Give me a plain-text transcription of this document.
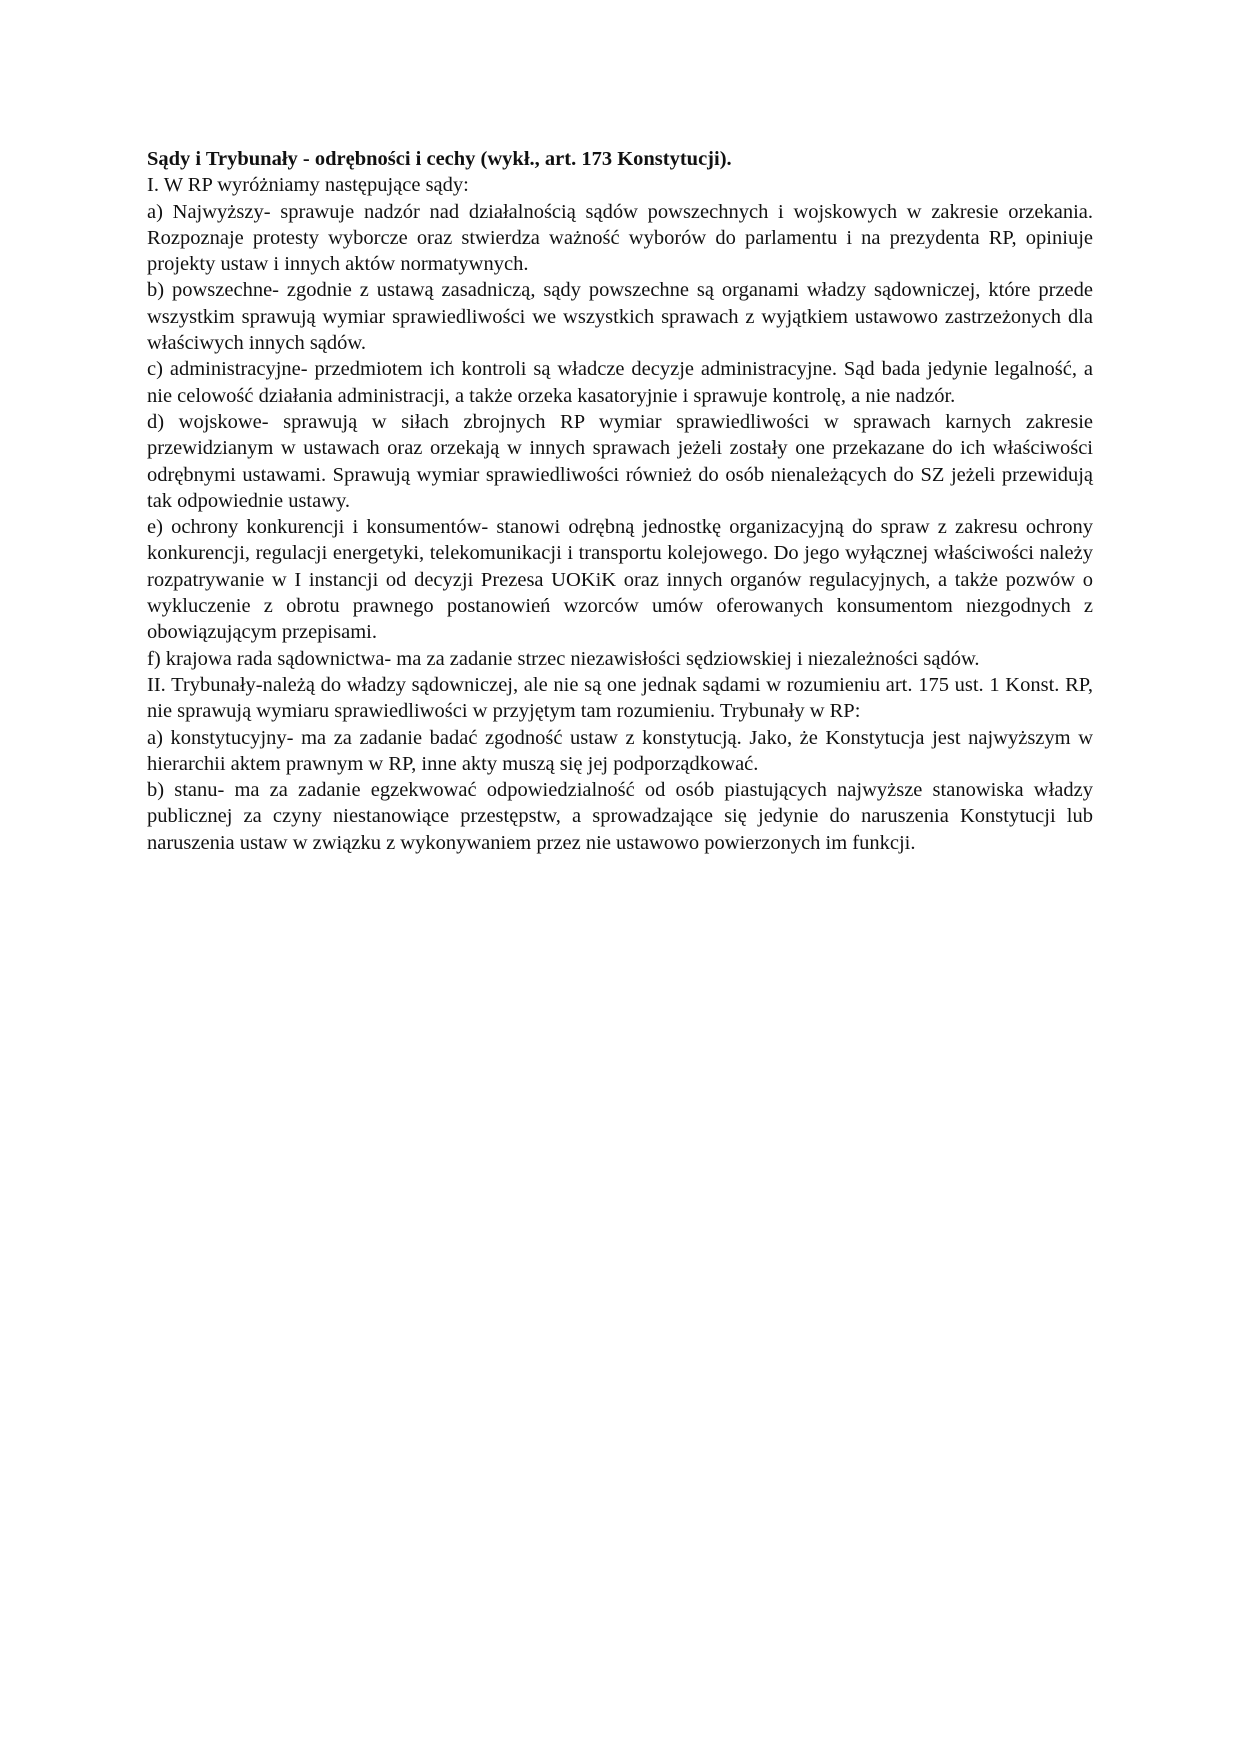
Sądy i Trybunały - odrębności i cechy (wykł., art. 173 Konstytucji).

I. W RP wyróżniamy następujące sądy:

a) Najwyższy- sprawuje nadzór nad działalnością sądów powszechnych i wojskowych w zakresie orzekania. Rozpoznaje protesty wyborcze oraz stwierdza ważność wyborów do parlamentu i na prezydenta RP, opiniuje projekty ustaw i innych aktów normatywnych.

b) powszechne- zgodnie z ustawą zasadniczą, sądy powszechne są organami władzy sądowniczej, które przede wszystkim sprawują wymiar sprawiedliwości we wszystkich sprawach z wyjątkiem ustawowo zastrzeżonych dla właściwych innych sądów.

c) administracyjne- przedmiotem ich kontroli są władcze decyzje administracyjne. Sąd bada jedynie legalność, a nie celowość działania administracji, a także orzeka kasatoryjnie i sprawuje kontrolę, a nie nadzór.

d) wojskowe- sprawują w siłach zbrojnych RP wymiar sprawiedliwości w sprawach karnych zakresie przewidzianym w ustawach oraz orzekają w innych sprawach jeżeli zostały one przekazane do ich właściwości odrębnymi ustawami. Sprawują wymiar sprawiedliwości również do osób nienależących do SZ jeżeli przewidują tak odpowiednie ustawy.

e) ochrony konkurencji i konsumentów- stanowi odrębną jednostkę organizacyjną do spraw z zakresu ochrony konkurencji, regulacji energetyki, telekomunikacji i transportu kolejowego. Do jego wyłącznej właściwości należy rozpatrywanie w I instancji od decyzji Prezesa UOKiK oraz innych organów regulacyjnych, a także pozwów o wykluczenie z obrotu prawnego postanowień wzorców umów oferowanych konsumentom niezgodnych z obowiązującym przepisami.

f) krajowa rada sądownictwa- ma za zadanie strzec niezawisłości sędziowskiej i niezależności sądów.

II. Trybunały-należą do władzy sądowniczej, ale nie są one jednak sądami w rozumieniu art. 175 ust. 1 Konst. RP, nie sprawują wymiaru sprawiedliwości w przyjętym tam rozumieniu. Trybunały w RP:

a) konstytucyjny- ma za zadanie badać zgodność ustaw z konstytucją. Jako, że Konstytucja jest najwyższym w hierarchii aktem prawnym w RP, inne akty muszą się jej podporządkować.

b) stanu- ma za zadanie egzekwować odpowiedzialność od osób piastujących najwyższe stanowiska władzy publicznej za czyny niestanowiące przestępstw, a sprowadzające się jedynie do naruszenia Konstytucji lub naruszenia ustaw w związku z wykonywaniem przez nie ustawowo powierzonych im funkcji.
